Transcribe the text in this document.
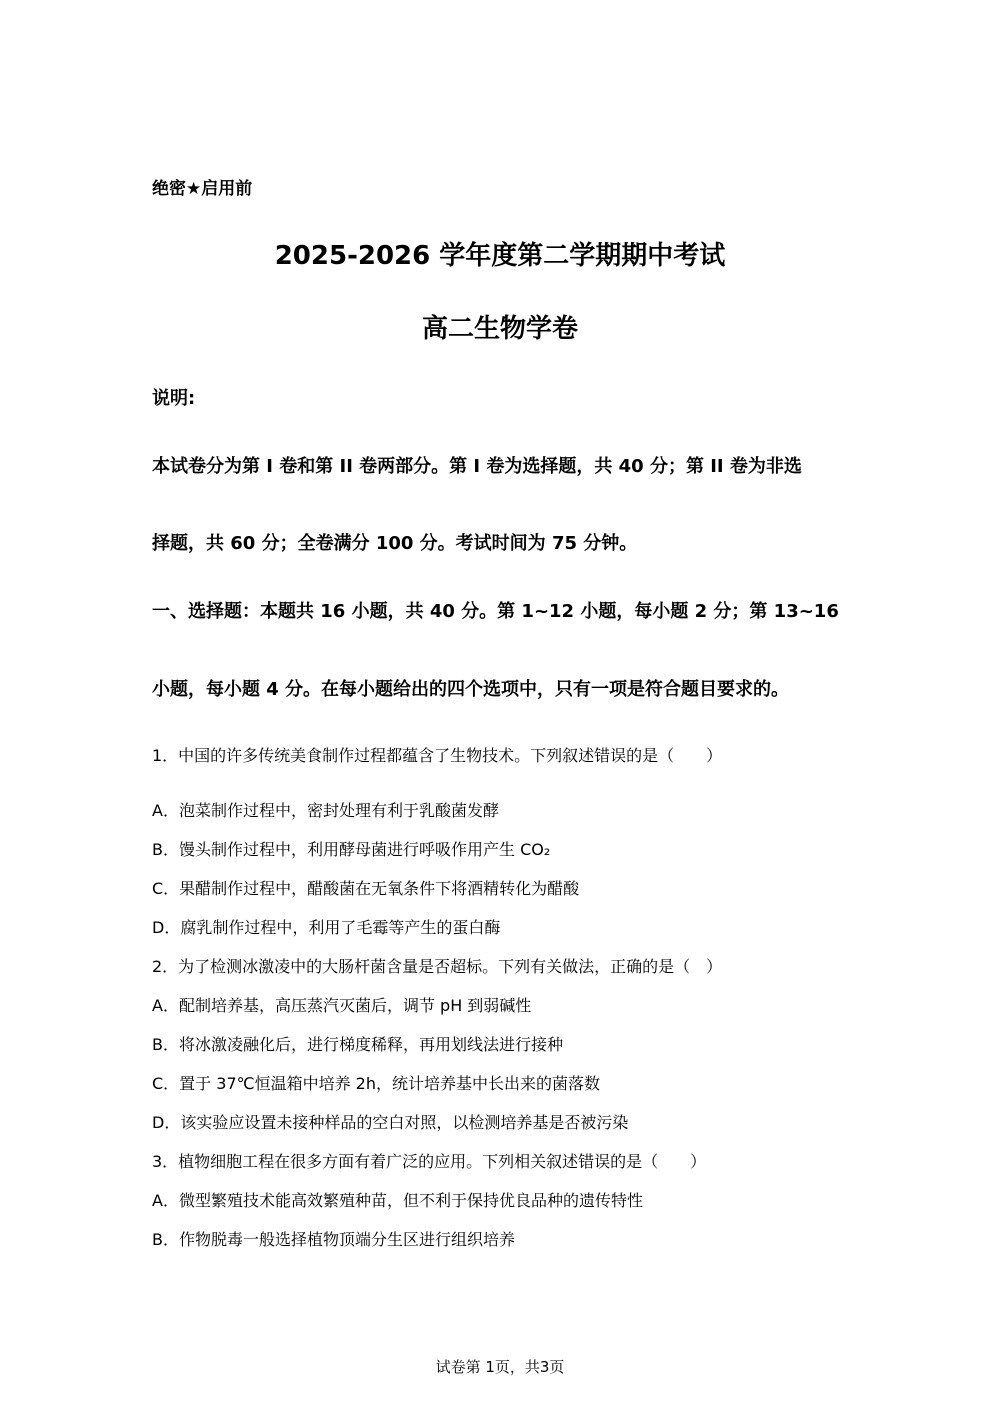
绝密★启用前
2025-2026 学年度第二学期期中考试
高二生物学卷
说明:
本试卷分为第 I 卷和第 II 卷两部分。第 I 卷为选择题，共 40 分；第 II 卷为非选
择题，共 60 分；全卷满分 100 分。考试时间为 75 分钟。
一、选择题：本题共 16 小题，共 40 分。第 1~12 小题，每小题 2 分；第 13~16
小题，每小题 4 分。在每小题给出的四个选项中，只有一项是符合题目要求的。
1．中国的许多传统美食制作过程都蕴含了生物技术。下列叙述错误的是（　　）
A．泡菜制作过程中，密封处理有利于乳酸菌发酵
B．馒头制作过程中，利用酵母菌进行呼吸作用产生 CO₂
C．果醋制作过程中，醋酸菌在无氧条件下将酒精转化为醋酸
D．腐乳制作过程中，利用了毛霉等产生的蛋白酶
2．为了检测冰激凌中的大肠杆菌含量是否超标。下列有关做法，正确的是（　）
A．配制培养基，高压蒸汽灭菌后，调节 pH 到弱碱性
B．将冰激凌融化后，进行梯度稀释，再用划线法进行接种
C．置于 37℃恒温箱中培养 2h，统计培养基中长出来的菌落数
D．该实验应设置未接种样品的空白对照，以检测培养基是否被污染
3．植物细胞工程在很多方面有着广泛的应用。下列相关叙述错误的是（　　）
A．微型繁殖技术能高效繁殖种苗，但不利于保持优良品种的遗传特性
B．作物脱毒一般选择植物顶端分生区进行组织培养
试卷第 1页，共3页
